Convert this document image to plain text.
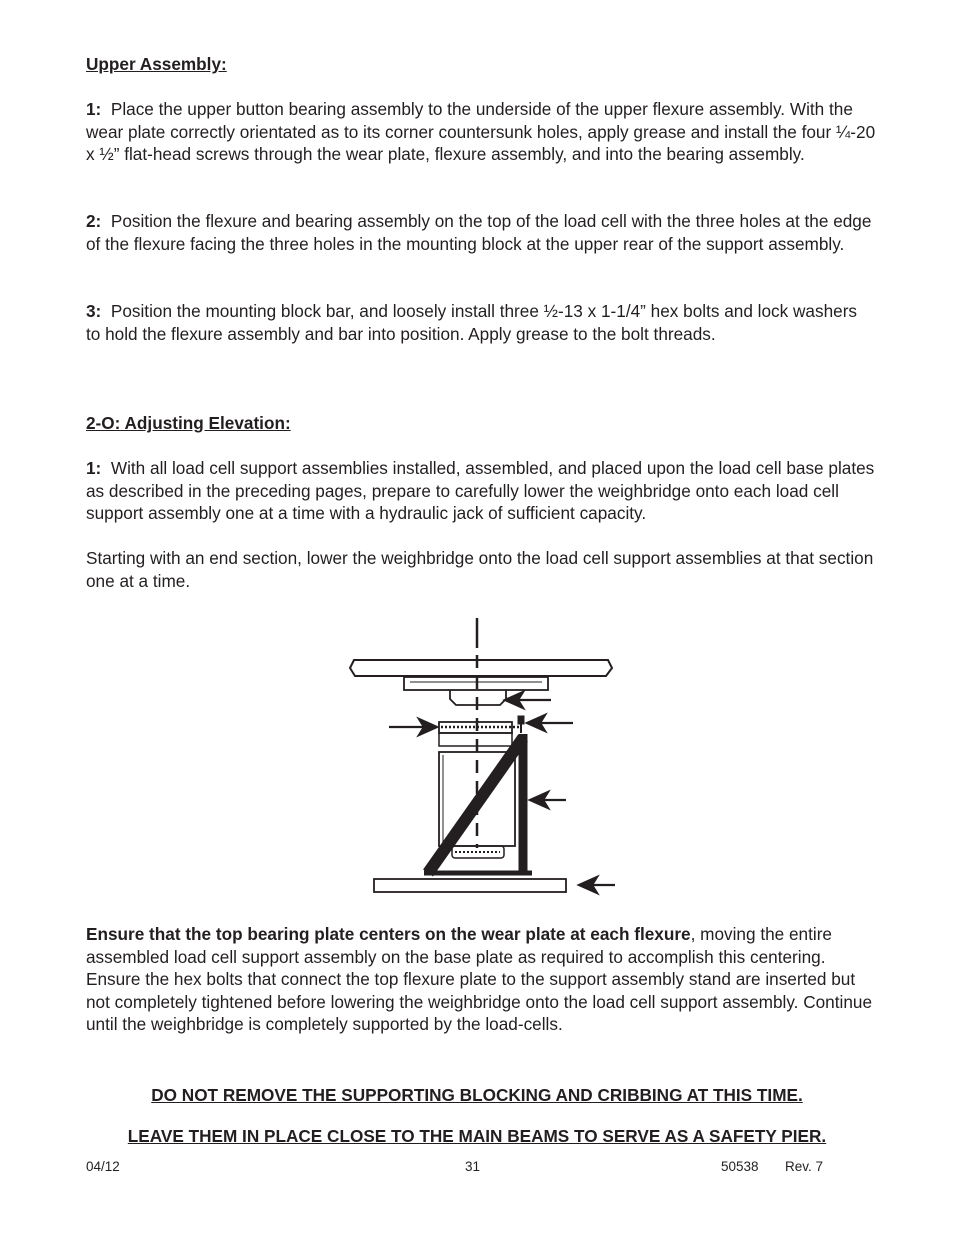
Upper Assembly:

1: Place the upper button bearing assembly to the underside of the upper flexure assembly. With the wear plate correctly orientated as to its corner countersunk holes, apply grease and install the four ¼-20 x ½” flat-head screws through the wear plate, flexure assembly, and into the bearing assembly.

2: Position the flexure and bearing assembly on the top of the load cell with the three holes at the edge of the flexure facing the three holes in the mounting block at the upper rear of the support assembly.

3: Position the mounting block bar, and loosely install three ½-13 x 1-1/4” hex bolts and lock washers to hold the flexure assembly and bar into position. Apply grease to the bolt threads.

2-O: Adjusting Elevation:

1: With all load cell support assemblies installed, assembled, and placed upon the load cell base plates as described in the preceding pages, prepare to carefully lower the weighbridge onto each load cell support assembly one at a time with a hydraulic jack of sufficient capacity.

Starting with an end section, lower the weighbridge onto the load cell support assemblies at that section one at a time.

Ensure that the top bearing plate centers on the wear plate at each flexure, moving the entire assembled load cell support assembly on the base plate as required to accomplish this centering. Ensure the hex bolts that connect the top flexure plate to the support assembly stand are inserted but not completely tightened before lowering the weighbridge onto the load cell support assembly. Continue until the weighbridge is completely supported by the load-cells.

DO NOT REMOVE THE SUPPORTING BLOCKING AND CRIBBING AT THIS TIME.

LEAVE THEM IN PLACE CLOSE TO THE MAIN BEAMS TO SERVE AS A SAFETY PIER.

04/12	31	50538 Rev. 7
